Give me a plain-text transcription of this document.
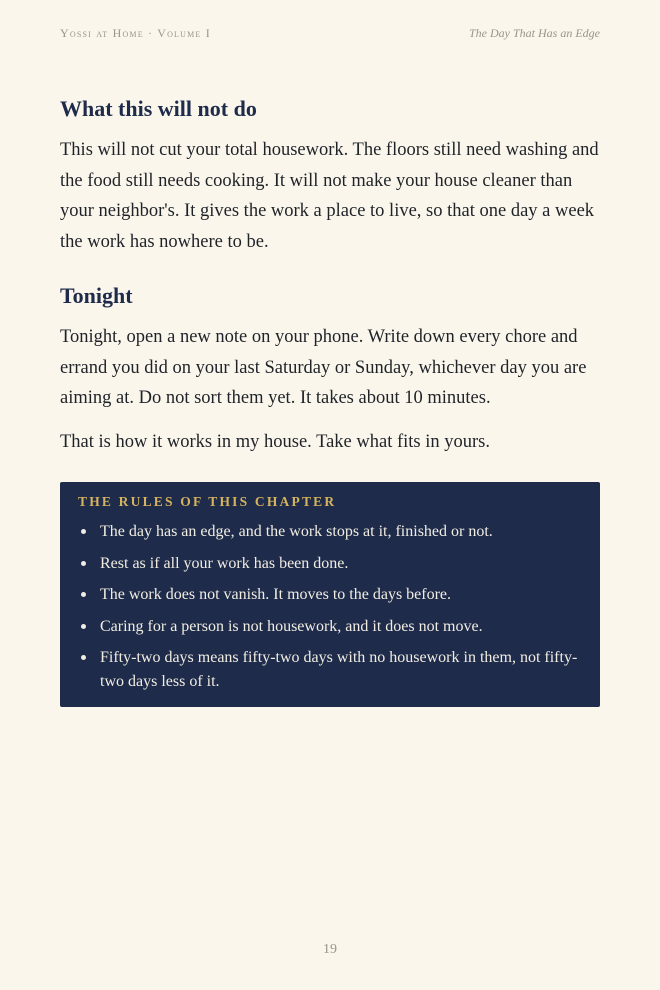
Yossi at Home · Volume I	The Day That Has an Edge
What this will not do

This will not cut your total housework. The floors still need washing and the food still needs cooking. It will not make your house cleaner than your neighbor's. It gives the work a place to live, so that one day a week the work has nowhere to be.

Tonight

Tonight, open a new note on your phone. Write down every chore and errand you did on your last Saturday or Sunday, whichever day you are aiming at. Do not sort them yet. It takes about 10 minutes.

That is how it works in my house. Take what fits in yours.

THE RULES OF THIS CHAPTER
The day has an edge, and the work stops at it, finished or not.
Rest as if all your work has been done.
The work does not vanish. It moves to the days before.
Caring for a person is not housework, and it does not move.
Fifty-two days means fifty-two days with no housework in them, not fifty-two days less of it.
19
